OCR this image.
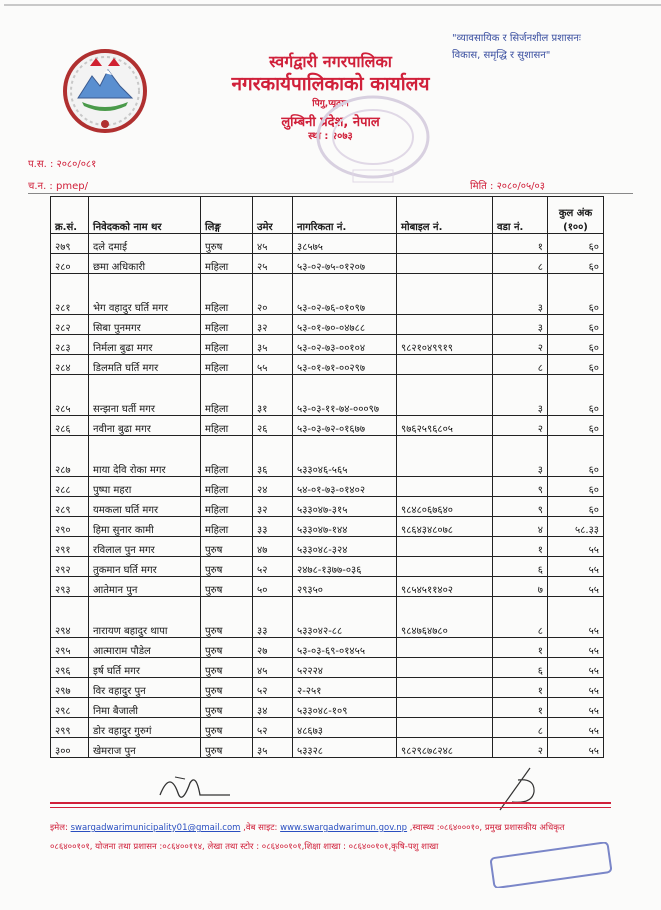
"व्यावसायिक र सिर्जनशील प्रशासनः
विकास, समृद्धि र सुशासन"
स्वर्गद्वारी नगरपालिका
नगरकार्यपालिकाको कार्यालय
पिगु,प्यूठान
लुम्बिनी प्रदेश, नेपाल
स्था : २०७३
प.स. : २०८०/०८१
च.न. : pmep/	मिति : २०८०/०५/०३
क्र.सं.	निवेदकको नाम थर	लिङ्ग	उमेर	नागरिकता नं.	मोबाइल नं.	वडा नं.	कुल अंक (१००)
२७९	दले दमाई	पुरुष	४५	३८५७५		१	६०
२८०	छमा अधिकारी	महिला	२५	५३-०२-७५-०१२०७		८	६०
२८१	भेग वहादुर घर्ति मगर	महिला	२०	५३-०२-७६-०१०९७		३	६०
२८२	सिबा पुनमगर	महिला	३२	५३-०१-७०-०४७८८		३	६०
२८३	निर्मला बुढा मगर	महिला	३५	५३-०२-७३-००१०४	९८२१०४९९१९	२	६०
२८४	डिलमति घर्ति मगर	महिला	५५	५३-०१-७१-००२९७		८	६०
२८५	सन्झना घर्ती मगर	महिला	३१	५३-०३-११-७४-०००९७		३	६०
२८६	नवीना बुढा मगर	महिला	२६	५३-०३-७२-०१६७७	९७६२५९६८०५	२	६०
२८७	माया देवि रोका मगर	महिला	३६	५३३०४६-५६५		३	६०
२८८	पुष्पा महरा	महिला	२४	५४-०१-७३-०१४०२		९	६०
२८९	यमकला घर्ति मगर	महिला	३२	५३३०४७-३१५	९८४८०६७६४०	९	६०
२९०	हिमा सुनार कामी	महिला	३३	५३३०४७-१४४	९८६४३४८०७८	४	५८.३३
२९१	रविलाल पुन मगर	पुरुष	४७	५३३०४८-३२४		१	५५
२९२	तुकमान घर्ति मगर	पुरुष	५२	२४७८-१३७७-०३६		६	५५
२९३	आतेमान पुन	पुरुष	५०	२९३५०	९८५४५११४०२	७	५५
२९४	नारायण बहादुर थापा	पुरुष	३३	५३३०४२-८८	९८४७६४७८०	८	५५
२९५	आत्माराम पौडेल	पुरुष	२७	५३-०३-६९-०१४५५		१	५५
२९६	इर्ष घर्ति मगर	पुरुष	४५	५२२२४		६	५५
२९७	विर वहादुर पुन	पुरुष	५२	२-२५१		१	५५
२९८	निमा बैजाली	पुरुष	३४	५३३०४८-१०९		१	५५
२९९	डोर वहादुर गुरुगं	पुरुष	५२	४८६७३		८	५५
३००	खेमराज पुन	पुरुष	३५	५३३२८	९८२९८७८२४८	२	५५
इमेल: swargadwarimunicipality01@gmail.com ,वेब साइट: www.swargadwarimun.gov.np ,स्वास्थ्य :०८६४०००१०, प्रमुख प्रशासकीय अधिकृत
०८६४००१०१, योजना तथा प्रशासन :०८६४००११४, लेखा तथा स्टोर : ०८६४००१०१,शिक्षा शाखा : ०८६४००१०१,कृषि-पशु शाखा
